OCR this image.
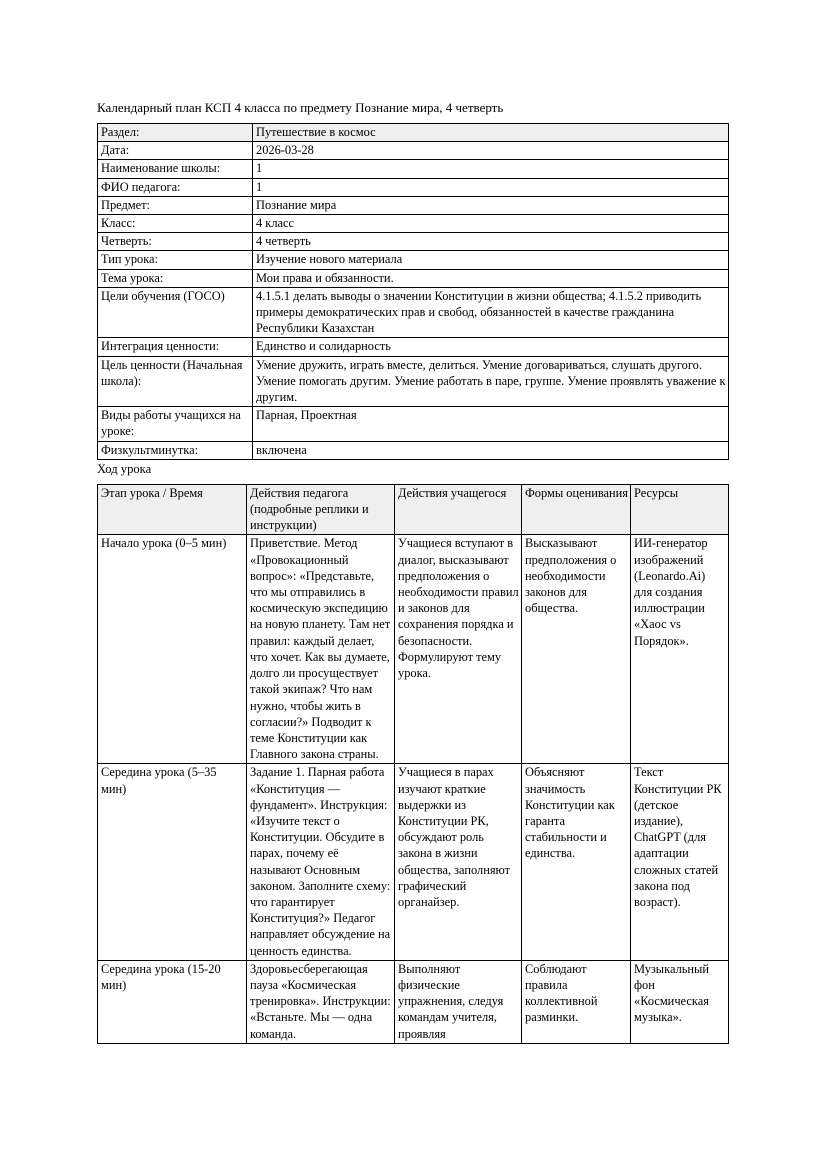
Календарный план КСП 4 класса по предмету Познание мира, 4 четверть

Раздел:	Путешествие в космос
Дата:	2026-03-28
Наименование школы:	1
ФИО педагога:	1
Предмет:	Познание мира
Класс:	4 класс
Четверть:	4 четверть
Тип урока:	Изучение нового материала
Тема урока:	Мои права и обязанности.
Цели обучения (ГОСО)	4.1.5.1 делать выводы о значении Конституции в жизни общества; 4.1.5.2 приводить примеры демократических прав и свобод, обязанностей в качестве гражданина Республики Казахстан
Интеграция ценности:	Единство и солидарность
Цель ценности (Начальная школа):	Умение дружить, играть вместе, делиться. Умение договариваться, слушать другого. Умение помогать другим. Умение работать в паре, группе. Умение проявлять уважение к другим.
Виды работы учащихся на уроке:	Парная, Проектная
Физкультминутка:	включена

Ход урока

Этап урока / Время	Действия педагога (подробные реплики и инструкции)	Действия учащегося	Формы оценивания	Ресурсы
Начало урока (0–5 мин)	Приветствие. Метод «Провокационный вопрос»: «Представьте, что мы отправились в космическую экспедицию на новую планету. Там нет правил: каждый делает, что хочет. Как вы думаете, долго ли просуществует такой экипаж? Что нам нужно, чтобы жить в согласии?» Подводит к теме Конституции как Главного закона страны.	Учащиеся вступают в диалог, высказывают предположения о необходимости правил и законов для сохранения порядка и безопасности. Формулируют тему урока.	Высказывают предположения о необходимости законов для общества.	ИИ-генератор изображений (Leonardo.Ai) для создания иллюстрации «Хаос vs Порядок».
Середина урока (5–35 мин)	Задание 1. Парная работа «Конституция — фундамент». Инструкция: «Изучите текст о Конституции. Обсудите в парах, почему её называют Основным законом. Заполните схему: что гарантирует Конституция?» Педагог направляет обсуждение на ценность единства.	Учащиеся в парах изучают краткие выдержки из Конституции РК, обсуждают роль закона в жизни общества, заполняют графический органайзер.	Объясняют значимость Конституции как гаранта стабильности и единства.	Текст Конституции РК (детское издание), ChatGPT (для адаптации сложных статей закона под возраст).
Середина урока (15-20 мин)	Здоровьесберегающая пауза «Космическая тренировка». Инструкции: «Встаньте. Мы — одна команда.	Выполняют физические упражнения, следуя командам учителя, проявляя	Соблюдают правила коллективной разминки.	Музыкальный фон «Космическая музыка».
